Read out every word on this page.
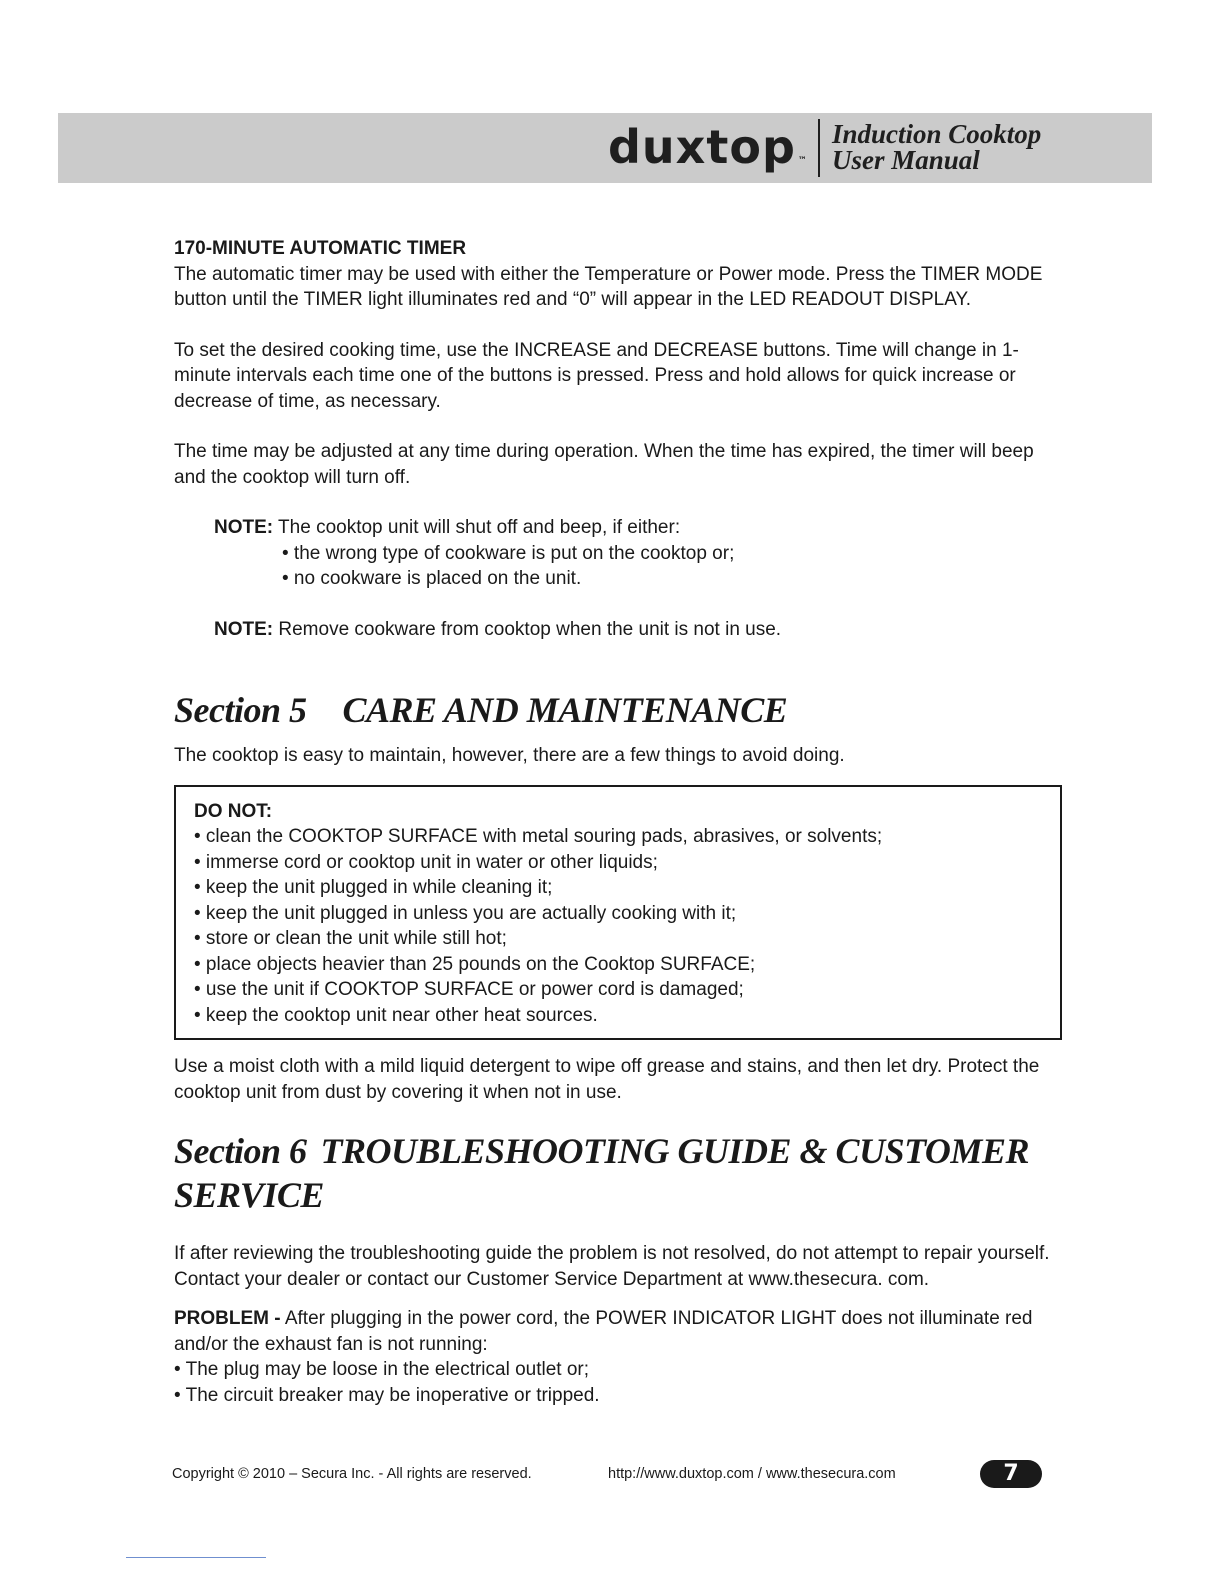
duxtop ™
Induction Cooktop
User Manual

170-MINUTE AUTOMATIC TIMER

The automatic timer may be used with either the Temperature or Power mode. Press the TIMER MODE button until the TIMER light illuminates red and “0” will appear in the LED READOUT DISPLAY.

To set the desired cooking time, use the INCREASE and DECREASE buttons. Time will change in 1-minute intervals each time one of the buttons is pressed. Press and hold allows for quick increase or decrease of time, as necessary.

The time may be adjusted at any time during operation. When the time has expired, the timer will beep and the cooktop will turn off.

NOTE: The cooktop unit will shut off and beep, if either:

• the wrong type of cookware is put on the cooktop or;

• no cookware is placed on the unit.

NOTE: Remove cookware from cooktop when the unit is not in use.

Section 5 CARE AND MAINTENANCE

The cooktop is easy to maintain, however, there are a few things to avoid doing.

DO NOT:

• clean the COOKTOP SURFACE with metal souring pads, abrasives, or solvents;

• immerse cord or cooktop unit in water or other liquids;

• keep the unit plugged in while cleaning it;

• keep the unit plugged in unless you are actually cooking with it;

• store or clean the unit while still hot;

• place objects heavier than 25 pounds on the Cooktop SURFACE;

• use the unit if COOKTOP SURFACE or power cord is damaged;

• keep the cooktop unit near other heat sources.

Use a moist cloth with a mild liquid detergent to wipe off grease and stains, and then let dry. Protect the cooktop unit from dust by covering it when not in use.

Section 6 TROUBLESHOOTING GUIDE & CUSTOMER SERVICE

If after reviewing the troubleshooting guide the problem is not resolved, do not attempt to repair yourself. Contact your dealer or contact our Customer Service Department at www.thesecura. com.

PROBLEM - After plugging in the power cord, the POWER INDICATOR LIGHT does not illuminate red and/or the exhaust fan is not running:

• The plug may be loose in the electrical outlet or;

• The circuit breaker may be inoperative or tripped.

Copyright © 2010 – Secura Inc. - All rights are reserved.	http://www.duxtop.com / www.thesecura.com	7
